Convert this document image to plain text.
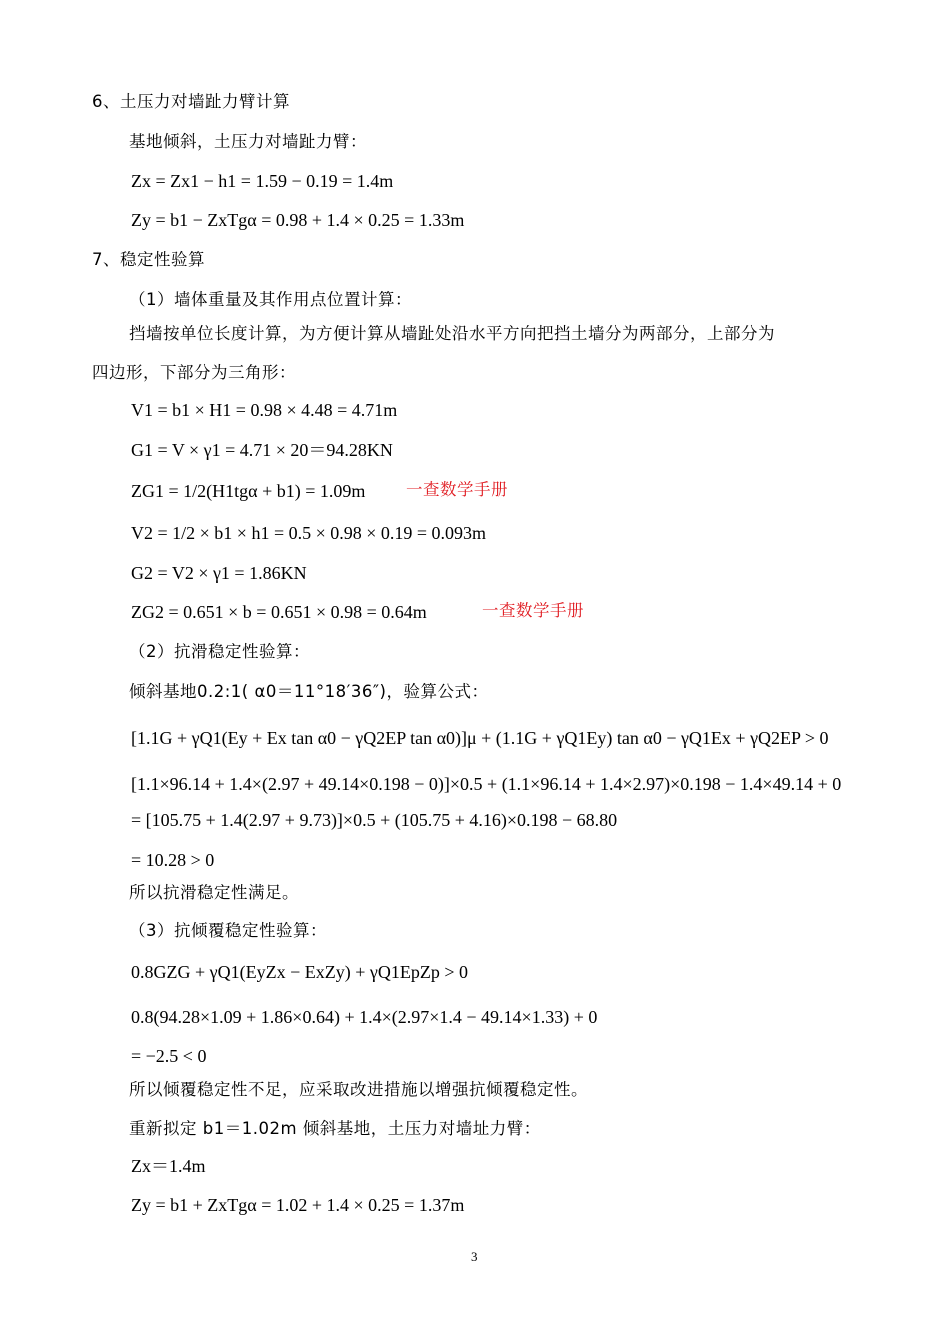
6、土压力对墙趾力臂计算
基地倾斜，土压力对墙趾力臂：
Zx = Zx1 − h1 = 1.59 − 0.19 = 1.4m
Zy = b1 − ZxTgα = 0.98 + 1.4 × 0.25 = 1.33m
7、稳定性验算
（1）墙体重量及其作用点位置计算：
挡墙按单位长度计算，为方便计算从墙趾处沿水平方向把挡土墙分为两部分，上部分为
四边形，下部分为三角形：
V1 = b1 × H1 = 0.98 × 4.48 = 4.71m
G1 = V × γ1 = 4.71 × 20＝94.28KN
ZG1 = 1/2(H1tgα + b1) = 1.09m 一查数学手册
V2 = 1/2 × b1 × h1 = 0.5 × 0.98 × 0.19 = 0.093m
G2 = V2 × γ1 = 1.86KN
ZG2 = 0.651 × b = 0.651 × 0.98 = 0.64m	一查数学手册
（2）抗滑稳定性验算：
倾斜基地0.2:1( α0＝11°18′36″)，验算公式：
[1.1G + γQ1(Ey + Ex tan α0 − γQ2EP tan α0)]μ + (1.1G + γQ1Ey) tan α0 − γQ1Ex + γQ2EP > 0
[1.1×96.14 + 1.4×(2.97 + 49.14×0.198 − 0)]×0.5 + (1.1×96.14 + 1.4×2.97)×0.198 − 1.4×49.14 + 0
= [105.75 + 1.4(2.97 + 9.73)]×0.5 + (105.75 + 4.16)×0.198 − 68.80
= 10.28 > 0
所以抗滑稳定性满足。
（3）抗倾覆稳定性验算：
0.8GZG + γQ1(EyZx − ExZy) + γQ1EpZp > 0
0.8(94.28×1.09 + 1.86×0.64) + 1.4×(2.97×1.4 − 49.14×1.33) + 0
= −2.5 < 0
所以倾覆稳定性不足，应采取改进措施以增强抗倾覆稳定性。
重新拟定 b1＝1.02m 倾斜基地，土压力对墙址力臂：
Zx＝1.4m
Zy = b1 + ZxTgα = 1.02 + 1.4 × 0.25 = 1.37m
3
